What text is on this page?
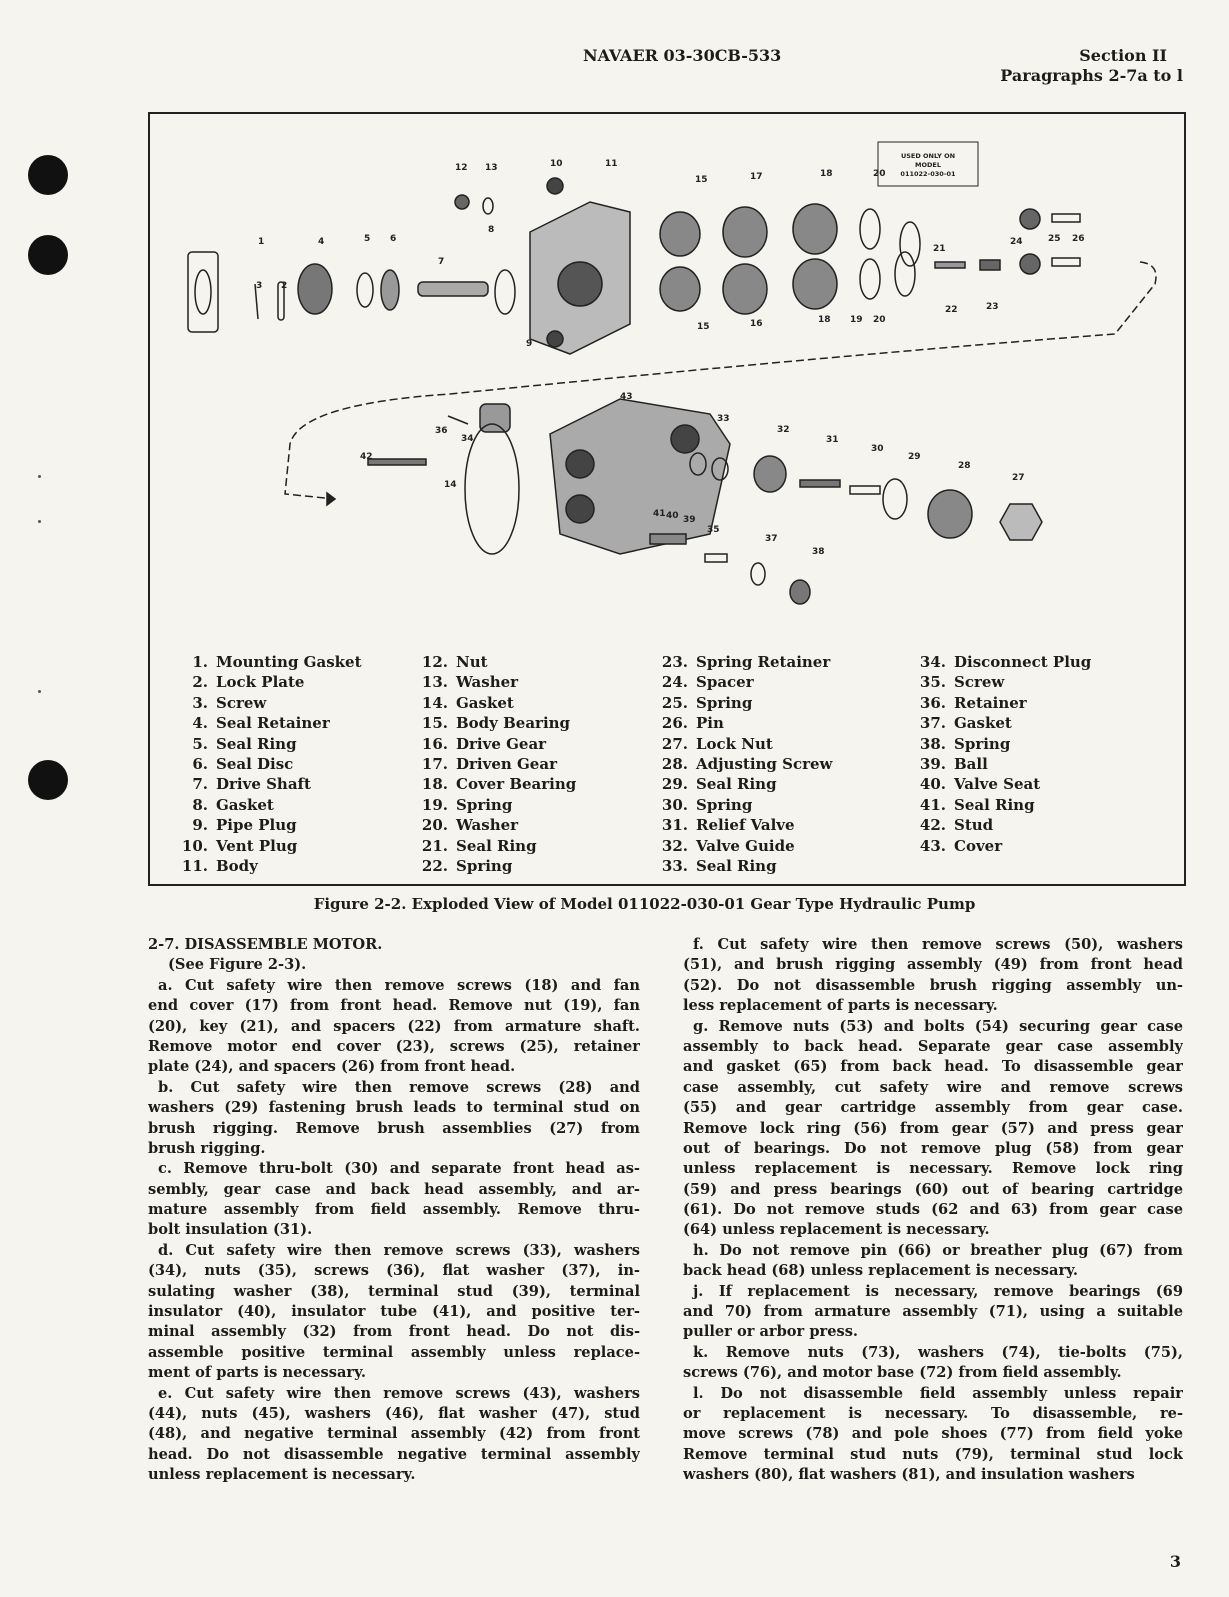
NAVAER 03-30CB-533	Section II
Paragraphs 2-7a to l
USED ONLY ON
MODEL
011022-030-01
1
3 2
4	5 6
7
8
9
10	11
12 13
15	17	18	20
15	16	18 19 20
21
22	23
24	25 26
43
33
32
31
30
29
28
27
42
36
34
14
41 40 39
35
37
38
1. Mounting Gasket
2. Lock Plate
3. Screw
4. Seal Retainer
5. Seal Ring
6. Seal Disc
7. Drive Shaft
8. Gasket
9. Pipe Plug
10. Vent Plug
11. Body
12. Nut
13. Washer
14. Gasket
15. Body Bearing
16. Drive Gear
17. Driven Gear
18. Cover Bearing
19. Spring
20. Washer
21. Seal Ring
22. Spring
23. Spring Retainer
24. Spacer
25. Spring
26. Pin
27. Lock Nut
28. Adjusting Screw
29. Seal Ring
30. Spring
31. Relief Valve
32. Valve Guide
33. Seal Ring
34. Disconnect Plug
35. Screw
36. Retainer
37. Gasket
38. Spring
39. Ball
40. Valve Seat
41. Seal Ring
42. Stud
43. Cover
Figure 2-2. Exploded View of Model 011022-030-01 Gear Type Hydraulic Pump
2-7. DISASSEMBLE MOTOR.
(See Figure 2-3).
a. Cut safety wire then remove screws (18) and fan
end cover (17) from front head. Remove nut (19), fan
(20), key (21), and spacers (22) from armature shaft.
Remove motor end cover (23), screws (25), retainer
plate (24), and spacers (26) from front head.
b. Cut safety wire then remove screws (28) and
washers (29) fastening brush leads to terminal stud on
brush rigging. Remove brush assemblies (27) from
brush rigging.
c. Remove thru-bolt (30) and separate front head as-
sembly, gear case and back head assembly, and ar-
mature assembly from field assembly. Remove thru-
bolt insulation (31).
d. Cut safety wire then remove screws (33), washers
(34), nuts (35), screws (36), flat washer (37), in-
sulating washer (38), terminal stud (39), terminal
insulator (40), insulator tube (41), and positive ter-
minal assembly (32) from front head. Do not dis-
assemble positive terminal assembly unless replace-
ment of parts is necessary.
e. Cut safety wire then remove screws (43), washers
(44), nuts (45), washers (46), flat washer (47), stud
(48), and negative terminal assembly (42) from front
head. Do not disassemble negative terminal assembly
unless replacement is necessary.
f. Cut safety wire then remove screws (50), washers
(51), and brush rigging assembly (49) from front head
(52). Do not disassemble brush rigging assembly un-
less replacement of parts is necessary.
g. Remove nuts (53) and bolts (54) securing gear case
assembly to back head. Separate gear case assembly
and gasket (65) from back head. To disassemble gear
case assembly, cut safety wire and remove screws
(55) and gear cartridge assembly from gear case.
Remove lock ring (56) from gear (57) and press gear
out of bearings. Do not remove plug (58) from gear
unless replacement is necessary. Remove lock ring
(59) and press bearings (60) out of bearing cartridge
(61). Do not remove studs (62 and 63) from gear case
(64) unless replacement is necessary.
h. Do not remove pin (66) or breather plug (67) from
back head (68) unless replacement is necessary.
j. If replacement is necessary, remove bearings (69
and 70) from armature assembly (71), using a suitable
puller or arbor press.
k. Remove nuts (73), washers (74), tie-bolts (75),
screws (76), and motor base (72) from field assembly.
l. Do not disassemble field assembly unless repair
or replacement is necessary. To disassemble, re-
move screws (78) and pole shoes (77) from field yoke
Remove terminal stud nuts (79), terminal stud lock
washers (80), flat washers (81), and insulation washers
3
